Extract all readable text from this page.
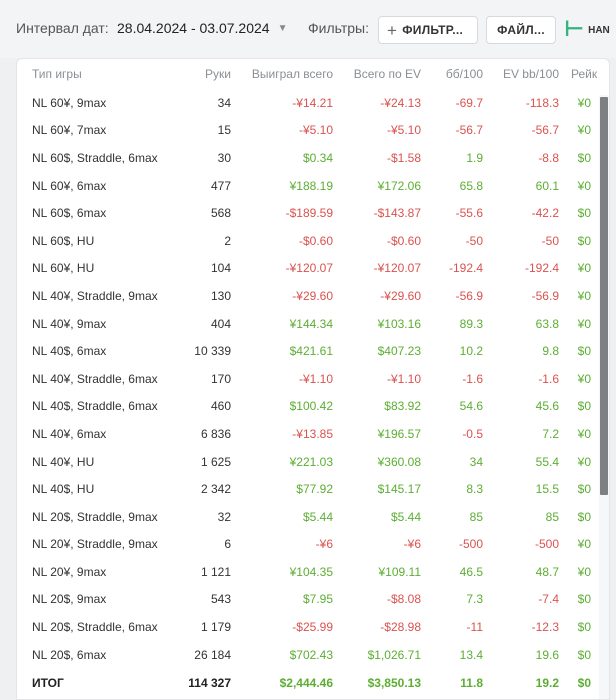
Интервал дат: 28.04.2024 - 03.07.2024 ▼ Фильтры: + ФИЛЬТР...	ФАЙЛ... ⊢ HAN
Тип игры	Руки	Выиграл всего	Всего по EV	бб/100	EV bb/100	Рейк
NL 60¥, 9max	34	-¥14.21	-¥24.13	-69.7	-118.3	¥0
NL 60¥, 7max	15	-¥5.10	-¥5.10	-56.7	-56.7	¥0
NL 60$, Straddle, 6max	30	$0.34	-$1.58	1.9	-8.8	$0
NL 60¥, 6max	477	¥188.19	¥172.06	65.8	60.1	¥0
NL 60$, 6max	568	-$189.59	-$143.87	-55.6	-42.2	$0
NL 60$, HU	2	-$0.60	-$0.60	-50	-50	$0
NL 60¥, HU	104	-¥120.07	-¥120.07	-192.4	-192.4	¥0
NL 40¥, Straddle, 9max	130	-¥29.60	-¥29.60	-56.9	-56.9	¥0
NL 40¥, 9max	404	¥144.34	¥103.16	89.3	63.8	¥0
NL 40$, 6max	10 339	$421.61	$407.23	10.2	9.8	$0
NL 40¥, Straddle, 6max	170	-¥1.10	-¥1.10	-1.6	-1.6	¥0
NL 40$, Straddle, 6max	460	$100.42	$83.92	54.6	45.6	$0
NL 40¥, 6max	6 836	-¥13.85	¥196.57	-0.5	7.2	¥0
NL 40¥, HU	1 625	¥221.03	¥360.08	34	55.4	¥0
NL 40$, HU	2 342	$77.92	$145.17	8.3	15.5	$0
NL 20$, Straddle, 9max	32	$5.44	$5.44	85	85	$0
NL 20¥, Straddle, 9max	6	-¥6	-¥6	-500	-500	¥0
NL 20¥, 9max	1 121	¥104.35	¥109.11	46.5	48.7	¥0
NL 20$, 9max	543	$7.95	-$8.08	7.3	-7.4	$0
NL 20$, Straddle, 6max	1 179	-$25.99	-$28.98	-11	-12.3	$0
NL 20$, 6max	26 184	$702.43	$1,026.71	13.4	19.6	$0
ИТОГ	114 327	$2,444.46	$3,850.13	11.8	19.2	$0
